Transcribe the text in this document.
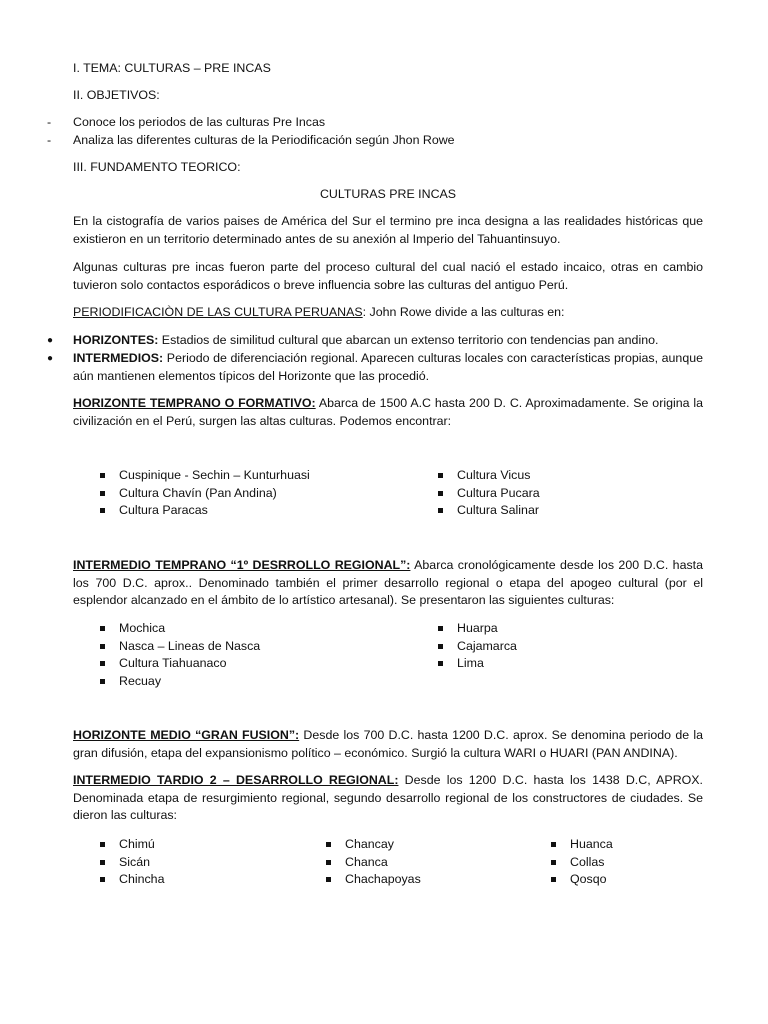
I. TEMA: CULTURAS – PRE INCAS
II. OBJETIVOS:
- Conoce los periodos de las culturas Pre Incas
- Analiza las diferentes culturas de la Periodificación según Jhon Rowe
III. FUNDAMENTO TEORICO:
CULTURAS PRE INCAS
En la cistografía de varios paises de América del Sur el termino pre inca designa a las realidades históricas que existieron en un territorio determinado antes de su anexión al Imperio del Tahuantinsuyo.
Algunas culturas pre incas fueron parte del proceso cultural del cual nació el estado incaico, otras en cambio tuvieron solo contactos esporádicos o breve influencia sobre las culturas del antiguo Perú.
PERIODIFICACIÒN DE LAS CULTURA PERUANAS: John Rowe divide a las culturas en:
● HORIZONTES: Estadios de similitud cultural que abarcan un extenso territorio con tendencias pan andino.
● INTERMEDIOS: Periodo de diferenciación regional. Aparecen culturas locales con características propias, aunque aún mantienen elementos típicos del Horizonte que las procedió.
HORIZONTE TEMPRANO O FORMATIVO: Abarca de 1500 A.C hasta 200 D. C. Aproximadamente. Se origina la civilización en el Perú, surgen las altas culturas. Podemos encontrar:
Cuspinique - Sechin – Kunturhuasi
Cultura Chavín (Pan Andina)
Cultura Paracas
Cultura Vicus
Cultura Pucara
Cultura Salinar
INTERMEDIO TEMPRANO “1º DESRROLLO REGIONAL”: Abarca cronológicamente desde los 200 D.C. hasta los 700 D.C. aprox.. Denominado también el primer desarrollo regional o etapa del apogeo cultural (por el esplendor alcanzado en el ámbito de lo artístico artesanal). Se presentaron las siguientes culturas:
Mochica
Nasca – Lineas de Nasca
Cultura Tiahuanaco
Recuay
Huarpa
Cajamarca
Lima
HORIZONTE MEDIO “GRAN FUSION”: Desde los 700 D.C. hasta 1200 D.C. aprox. Se denomina periodo de la gran difusión, etapa del expansionismo político – económico. Surgió la cultura WARI o HUARI (PAN ANDINA).
INTERMEDIO TARDIO 2 – DESARROLLO REGIONAL: Desde los 1200 D.C. hasta los 1438 D.C, APROX. Denominada etapa de resurgimiento regional, segundo desarrollo regional de los constructores de ciudades. Se dieron las culturas:
Chimú
Sicán
Chincha
Chancay
Chanca
Chachapoyas
Huanca
Collas
Qosqo
